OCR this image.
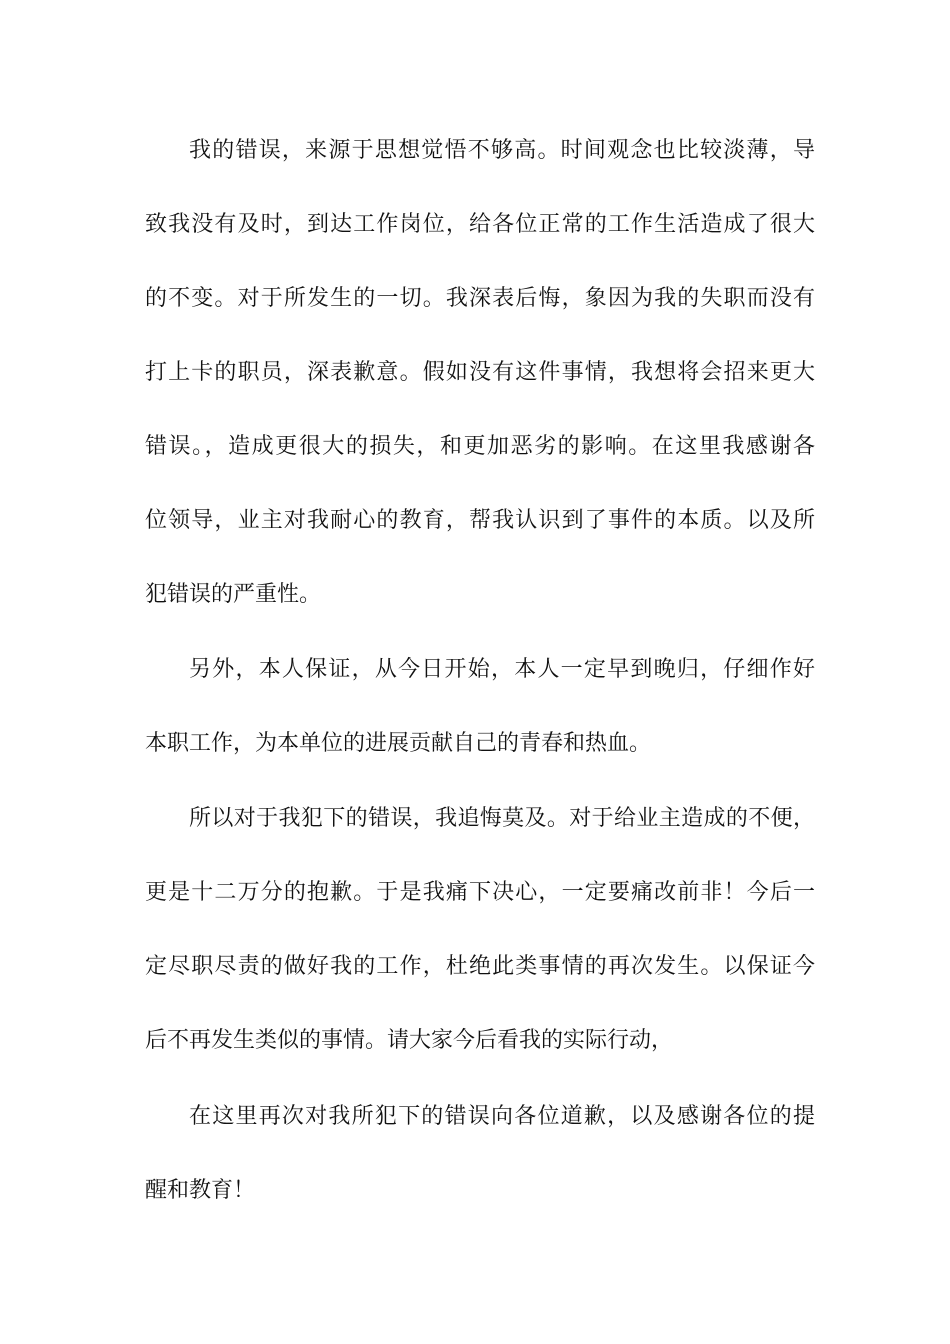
我的错误，来源于思想觉悟不够高。时间观念也比较淡薄，导
致我没有及时，到达工作岗位，给各位正常的工作生活造成了很大
的不变。对于所发生的一切。我深表后悔，象因为我的失职而没有
打上卡的职员，深表歉意。假如没有这件事情，我想将会招来更大
错误。，造成更很大的损失，和更加恶劣的影响。在这里我感谢各
位领导，业主对我耐心的教育，帮我认识到了事件的本质。以及所
犯错误的严重性。
另外，本人保证，从今日开始，本人一定早到晚归，仔细作好
本职工作，为本单位的进展贡献自己的青春和热血。
所以对于我犯下的错误，我追悔莫及。对于给业主造成的不便，
更是十二万分的抱歉。于是我痛下决心，一定要痛改前非！今后一
定尽职尽责的做好我的工作，杜绝此类事情的再次发生。以保证今
后不再发生类似的事情。请大家今后看我的实际行动，
在这里再次对我所犯下的错误向各位道歉，以及感谢各位的提
醒和教育！
